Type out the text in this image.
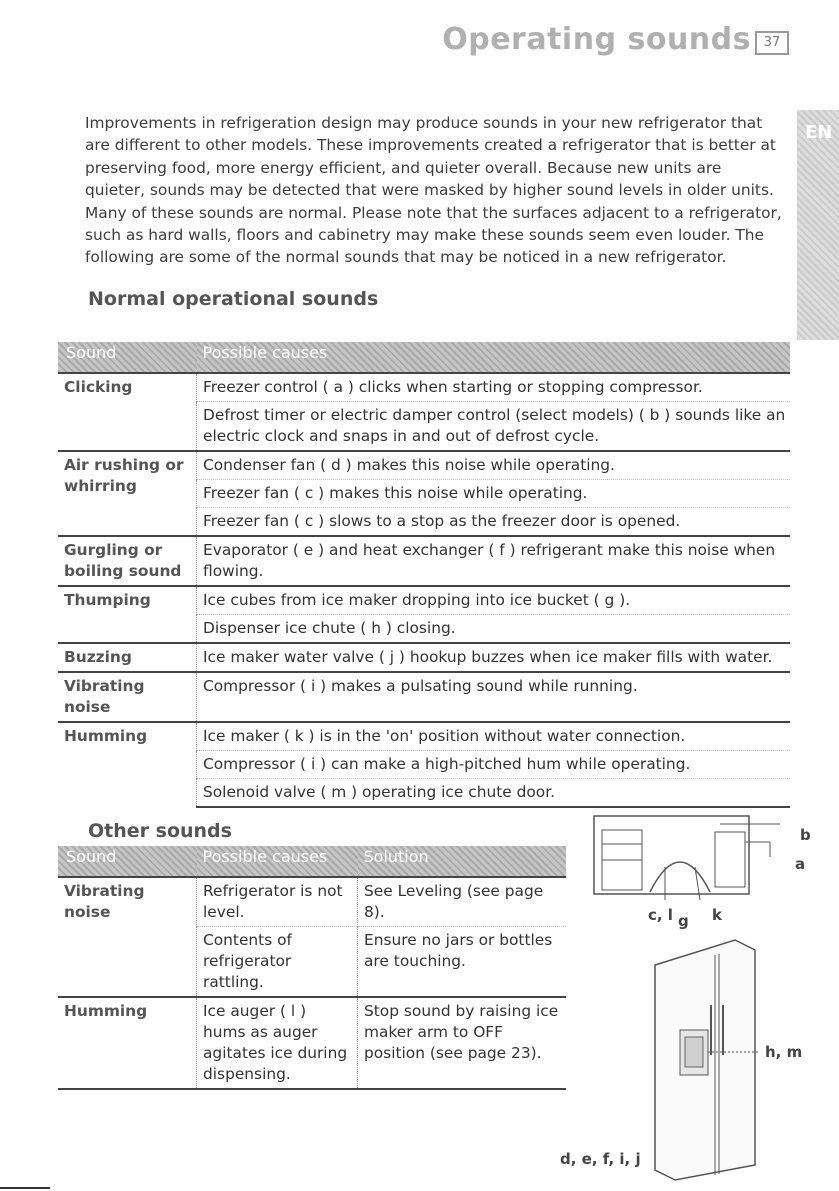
Operating sounds 37
EN

Improvements in refrigeration design may produce sounds in your new refrigerator that are different to other models. These improvements created a refrigerator that is better at preserving food, more energy efficient, and quieter overall. Because new units are quieter, sounds may be detected that were masked by higher sound levels in older units. Many of these sounds are normal. Please note that the surfaces adjacent to a refrigerator, such as hard walls, floors and cabinetry may make these sounds seem even louder. The following are some of the normal sounds that may be noticed in a new refrigerator.

Normal operational sounds
Sound	Possible causes
Clicking	Freezer control ( a ) clicks when starting or stopping compressor.
	Defrost timer or electric damper control (select models) ( b ) sounds like an electric clock and snaps in and out of defrost cycle.
Air rushing or whirring	Condenser fan ( d ) makes this noise while operating.
	Freezer fan ( c ) makes this noise while operating.
	Freezer fan ( c ) slows to a stop as the freezer door is opened.
Gurgling or boiling sound	Evaporator ( e ) and heat exchanger ( f ) refrigerant make this noise when flowing.
Thumping	Ice cubes from ice maker dropping into ice bucket ( g ).
	Dispenser ice chute ( h ) closing.
Buzzing	Ice maker water valve ( j ) hookup buzzes when ice maker fills with water.
Vibrating noise	Compressor ( i ) makes a pulsating sound while running.
Humming	Ice maker ( k ) is in the 'on' position without water connection.
	Compressor ( i ) can make a high-pitched hum while operating.
	Solenoid valve ( m ) operating ice chute door.
Other sounds
Sound	Possible causes	Solution
Vibrating noise	Refrigerator is not level.	See Leveling (see page 8).
	Contents of refrigerator rattling.	Ensure no jars or bottles are touching.
Humming	Ice auger ( l ) hums as auger agitates ice during dispensing.	Stop sound by raising ice maker arm to OFF position (see page 23).
b
a
c, l g k
h, m
d, e, f, i, j
